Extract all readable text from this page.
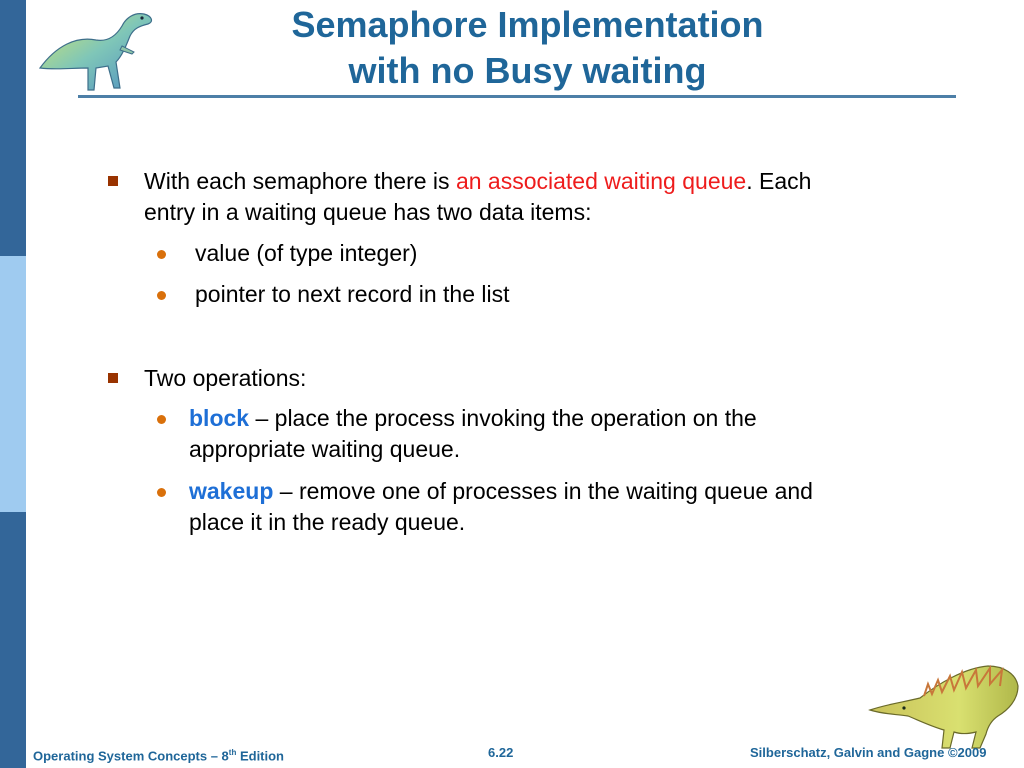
Semaphore Implementation
with no Busy waiting
With each semaphore there is an associated waiting queue. Each
entry in a waiting queue has two data items:
value (of type integer)
pointer to next record in the list
Two operations:
block – place the process invoking the operation on the
appropriate waiting queue.
wakeup – remove one of processes in the waiting queue and
place it in the ready queue.
Operating System Concepts – 8th Edition	6.22	Silberschatz, Galvin and Gagne ©2009
